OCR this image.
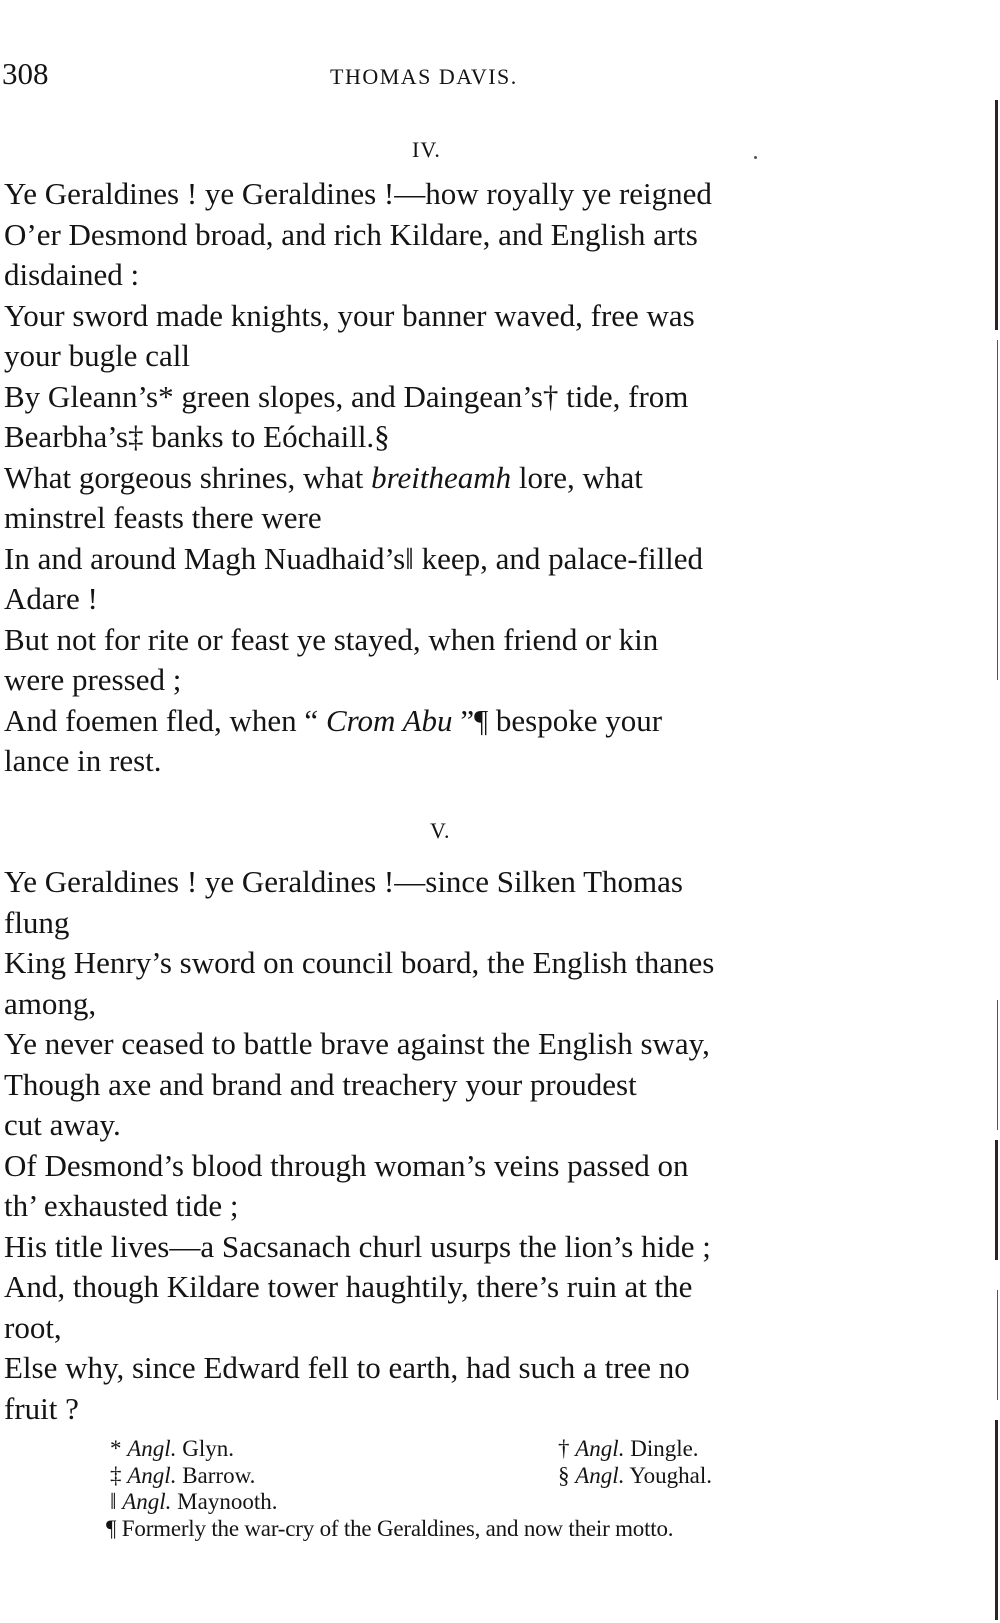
308	THOMAS DAVIS.
IV.
Ye Geraldines ! ye Geraldines !—how royally ye reigned
O’er Desmond broad, and rich Kildare, and English arts
disdained :
Your sword made knights, your banner waved, free was
your bugle call
By Gleann’s* green slopes, and Daingean’s† tide, from
Bearbha’s‡ banks to Eóchaill.§
What gorgeous shrines, what breitheamh lore, what
minstrel feasts there were
In and around Magh Nuadhaid’s‖ keep, and palace-filled
Adare !
But not for rite or feast ye stayed, when friend or kin
were pressed ;
And foemen fled, when “ Crom Abu ”¶ bespoke your
lance in rest.
V.
Ye Geraldines ! ye Geraldines !—since Silken Thomas
flung
King Henry’s sword on council board, the English thanes
among,
Ye never ceased to battle brave against the English sway,
Though axe and brand and treachery your proudest
cut away.
Of Desmond’s blood through woman’s veins passed on
th’ exhausted tide ;
His title lives—a Sacsanach churl usurps the lion’s hide ;
And, though Kildare tower haughtily, there’s ruin at the
root,
Else why, since Edward fell to earth, had such a tree no
fruit ?
* Angl. Glyn.	† Angl. Dingle.
‡ Angl. Barrow.	§ Angl. Youghal.
‖ Angl. Maynooth.
¶ Formerly the war-cry of the Geraldines, and now their motto.
